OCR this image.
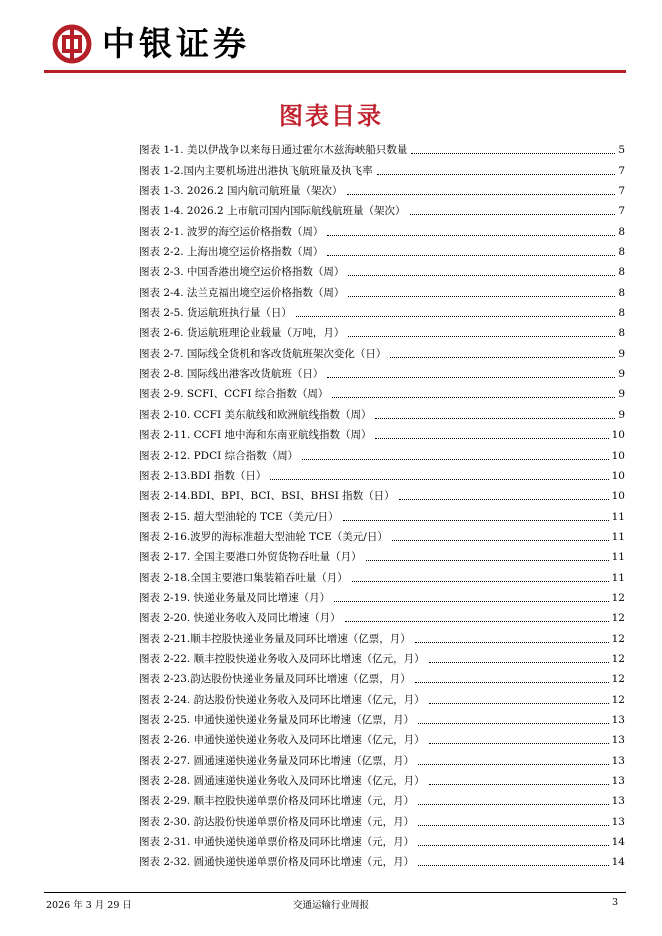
中银证券
图表目录
图表 1-1. 美以伊战争以来每日通过霍尔木兹海峡船只数量	5
图表 1-2.国内主要机场进出港执飞航班量及执飞率	7
图表 1-3. 2026.2 国内航司航班量（架次）	7
图表 1-4. 2026.2 上市航司国内国际航线航班量（架次）	7
图表 2-1. 波罗的海空运价格指数（周）	8
图表 2-2. 上海出境空运价格指数（周）	8
图表 2-3. 中国香港出境空运价格指数（周）	8
图表 2-4. 法兰克福出境空运价格指数（周）	8
图表 2-5. 货运航班执行量（日）	8
图表 2-6. 货运航班理论业载量（万吨，月）	8
图表 2-7. 国际线全货机和客改货航班架次变化（日）	9
图表 2-8. 国际线出港客改货航班（日）	9
图表 2-9. SCFI、CCFI 综合指数（周）	9
图表 2-10. CCFI 美东航线和欧洲航线指数（周）	9
图表 2-11. CCFI 地中海和东南亚航线指数（周）	10
图表 2-12. PDCI 综合指数（周）	10
图表 2-13.BDI 指数（日）	10
图表 2-14.BDI、BPI、BCI、BSI、BHSI 指数（日）	10
图表 2-15. 超大型油轮的 TCE（美元/日）	11
图表 2-16.波罗的海标准超大型油轮 TCE（美元/日）	11
图表 2-17. 全国主要港口外贸货物吞吐量（月）	11
图表 2-18.全国主要港口集装箱吞吐量（月）	11
图表 2-19. 快递业务量及同比增速（月）	12
图表 2-20. 快递业务收入及同比增速（月）	12
图表 2-21.顺丰控股快递业务量及同环比增速（亿票，月）	12
图表 2-22. 顺丰控股快递业务收入及同环比增速（亿元，月）	12
图表 2-23.韵达股份快递业务量及同环比增速（亿票，月）	12
图表 2-24. 韵达股份快递业务收入及同环比增速（亿元，月）	12
图表 2-25. 申通快递快递业务量及同环比增速（亿票，月）	13
图表 2-26. 申通快递快递业务收入及同环比增速（亿元，月）	13
图表 2-27. 圆通速递快递业务量及同环比增速（亿票，月）	13
图表 2-28. 圆通速递快递业务收入及同环比增速（亿元，月）	13
图表 2-29. 顺丰控股快递单票价格及同环比增速（元，月）	13
图表 2-30. 韵达股份快递单票价格及同环比增速（元，月）	13
图表 2-31. 申通快递快递单票价格及同环比增速（元，月）	14
图表 2-32. 圆通快递快递单票价格及同环比增速（元，月）	14
2026 年 3 月 29 日	交通运输行业周报	3
